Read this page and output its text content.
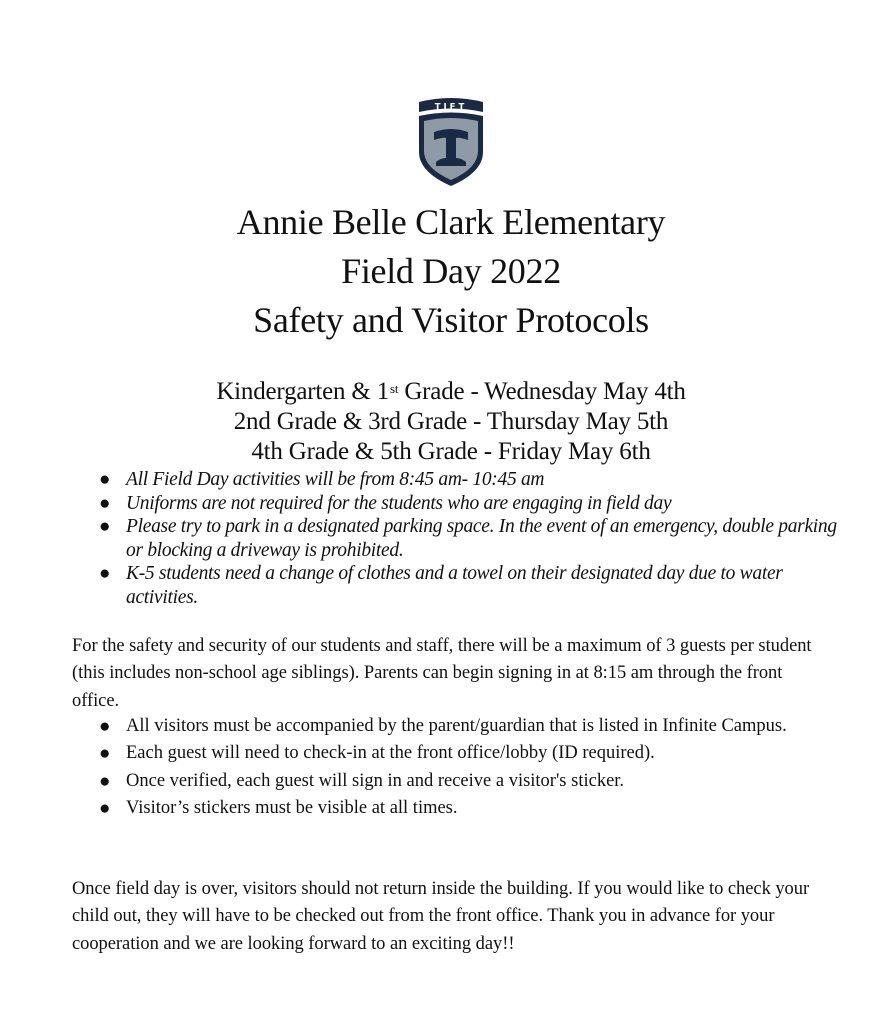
TIFT
Annie Belle Clark Elementary
Field Day 2022
Safety and Visitor Protocols
Kindergarten & 1st Grade - Wednesday May 4th
2nd Grade & 3rd Grade - Thursday May 5th
4th Grade & 5th Grade - Friday May 6th
● All Field Day activities will be from 8:45 am- 10:45 am
● Uniforms are not required for the students who are engaging in field day
● Please try to park in a designated parking space. In the event of an emergency, double parking or blocking a driveway is prohibited.
● K-5 students need a change of clothes and a towel on their designated day due to water activities.

For the safety and security of our students and staff, there will be a maximum of 3 guests per student (this includes non-school age siblings). Parents can begin signing in at 8:15 am through the front office.

● All visitors must be accompanied by the parent/guardian that is listed in Infinite Campus.
● Each guest will need to check-in at the front office/lobby (ID required).
● Once verified, each guest will sign in and receive a visitor's sticker.
● Visitor’s stickers must be visible at all times.

Once field day is over, visitors should not return inside the building. If you would like to check your child out, they will have to be checked out from the front office. Thank you in advance for your cooperation and we are looking forward to an exciting day!!
